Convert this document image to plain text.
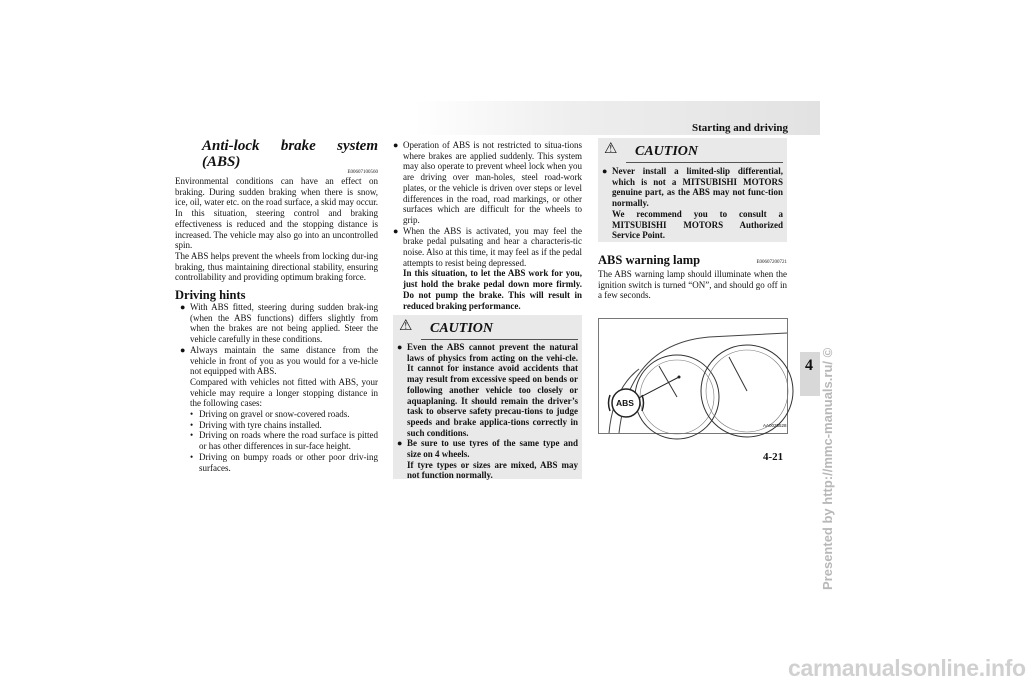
Starting and driving
Anti-lock brake system (ABS)
E00607100560

Environmental conditions can have an effect on braking. During sudden braking when there is snow, ice, oil, water etc. on the road surface, a skid may occur. In this situation, steering control and braking effectiveness is reduced and the stopping distance is increased. The vehicle may also go into an uncontrolled spin.

The ABS helps prevent the wheels from locking dur-ing braking, thus maintaining directional stability, ensuring controllability and providing optimum braking force.

Driving hints

● With ABS fitted, steering during sudden brak-ing (when the ABS functions) differs slightly from when the brakes are not being applied. Steer the vehicle carefully in these conditions.

● Always maintain the same distance from the vehicle in front of you as you would for a ve-hicle not equipped with ABS.

Compared with vehicles not fitted with ABS, your vehicle may require a longer stopping distance in the following cases:

• Driving on gravel or snow-covered roads.

• Driving with tyre chains installed.

• Driving on roads where the road surface is pitted or has other differences in sur-face height.

• Driving on bumpy roads or other poor driv-ing surfaces.

● Operation of ABS is not restricted to situa-tions where brakes are applied suddenly. This system may also operate to prevent wheel lock when you are driving over man-holes, steel road-work plates, or the vehicle is driven over steps or level differences in the road, road markings, or other surfaces which are difficult for the wheels to grip.

● When the ABS is activated, you may feel the brake pedal pulsating and hear a characteris-tic noise. Also at this time, it may feel as if the pedal attempts to resist being depressed.

In this situation, to let the ABS work for you, just hold the brake pedal down more firmly. Do not pump the brake. This will result in reduced braking performance.

⚠ CAUTION

● Even the ABS cannot prevent the natural laws of physics from acting on the vehi-cle. It cannot for instance avoid accidents that may result from excessive speed on bends or following another vehicle too closely or aquaplaning. It should remain the driver’s task to observe safety precau-tions to judge speeds and brake applica-tions correctly in such conditions.

● Be sure to use tyres of the same type and size on 4 wheels.

If tyre types or sizes are mixed, ABS may not function normally.

⚠ CAUTION

● Never install a limited-slip differential, which is not a MITSUBISHI MOTORS genuine part, as the ABS may not func-tion normally.

We recommend you to consult a MITSUBISHI MOTORS Authorized Service Point.

ABS warning lamp	E00607200721

The ABS warning lamp should illuminate when the ignition switch is turned “ON”, and should go off in a few seconds.

ABS
AA0025528
4 Presented by http://mmc-manuals.ru/ ©
4-21
carmanualsonline.info
